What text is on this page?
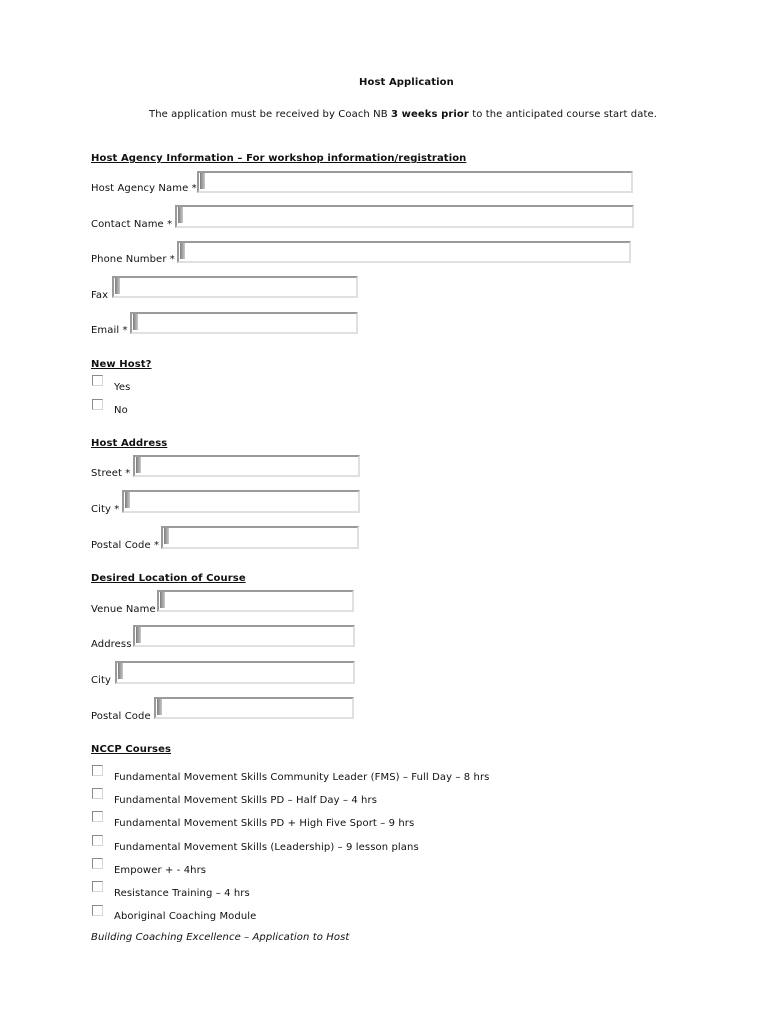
Host Application
The application must be received by Coach NB 3 weeks prior to the anticipated course start date.
Host Agency Information – For workshop information/registration
Host Agency Name *
Contact Name *
Phone Number *
Fax
Email *
New Host?
Yes
No
Host Address
Street *
City *
Postal Code *
Desired Location of Course
Venue Name
Address
City
Postal Code
NCCP Courses
Fundamental Movement Skills Community Leader (FMS) – Full Day – 8 hrs
Fundamental Movement Skills PD – Half Day – 4 hrs
Fundamental Movement Skills PD + High Five Sport – 9 hrs
Fundamental Movement Skills (Leadership) – 9 lesson plans
Empower + - 4hrs
Resistance Training – 4 hrs
Aboriginal Coaching Module
Building Coaching Excellence – Application to Host
